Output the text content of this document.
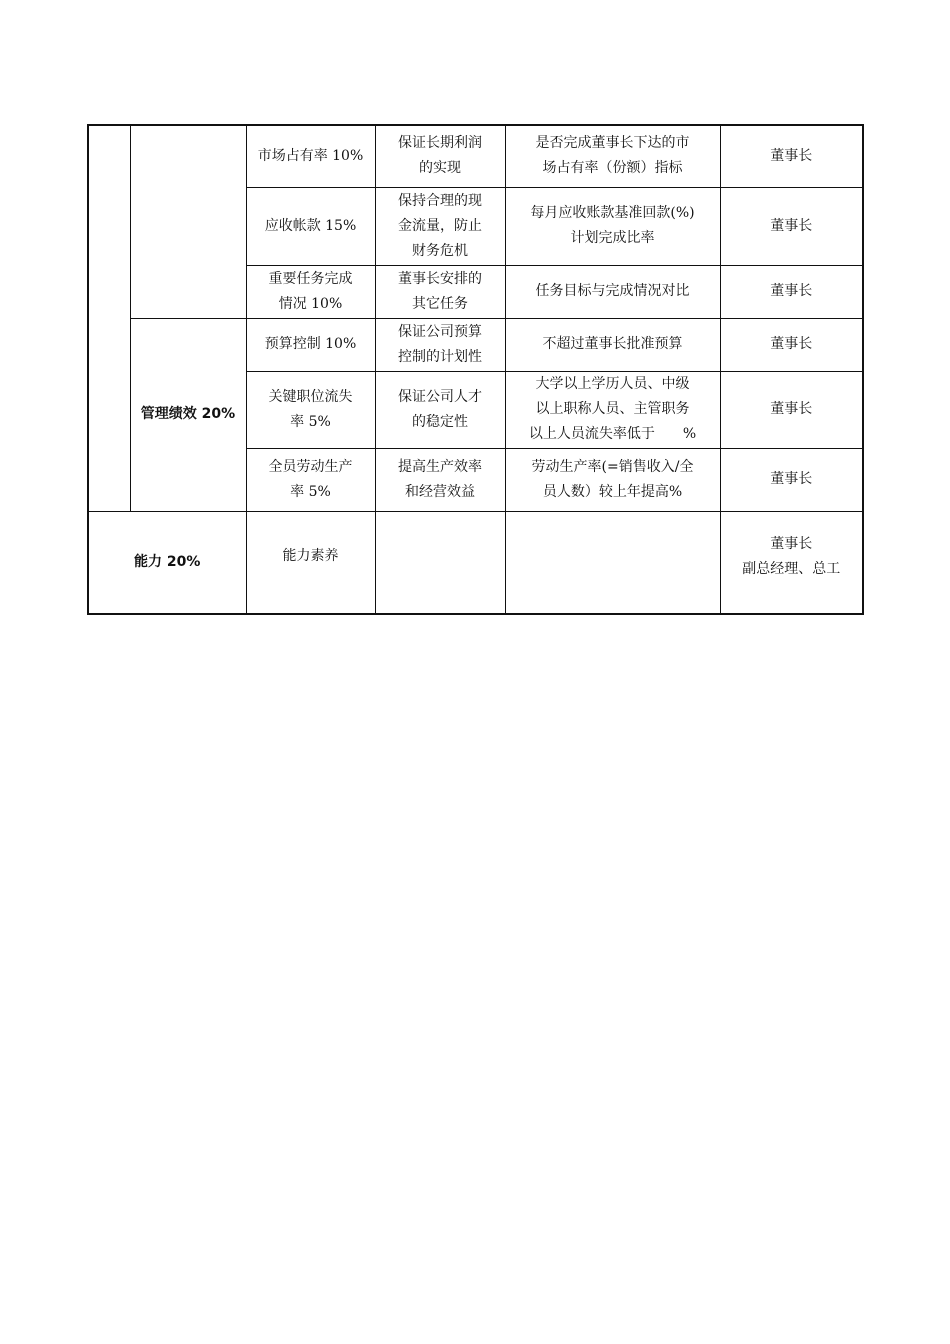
		市场占有率 10%	保证长期利润
的实现	是否完成董事长下达的市
场占有率（份额）指标	董事长

		应收帐款 15%	保持合理的现
金流量，防止
财务危机	每月应收账款基准回款(%)
计划完成比率	董事长

		重要任务完成
情况 10%	董事长安排的
其它任务	任务目标与完成情况对比	董事长

	管理绩效 20%	预算控制 10%	保证公司预算
控制的计划性	不超过董事长批准预算	董事长

		关键职位流失
率 5%	保证公司人才
的稳定性	大学以上学历人员、中级
以上职称人员、主管职务
以上人员流失率低于　　%	董事长

		全员劳动生产
率 5%	提高生产效率
和经营效益	劳动生产率(=销售收入/全
员人数）较上年提高%	董事长

能力 20%		能力素养			董事长
副总经理、总工
